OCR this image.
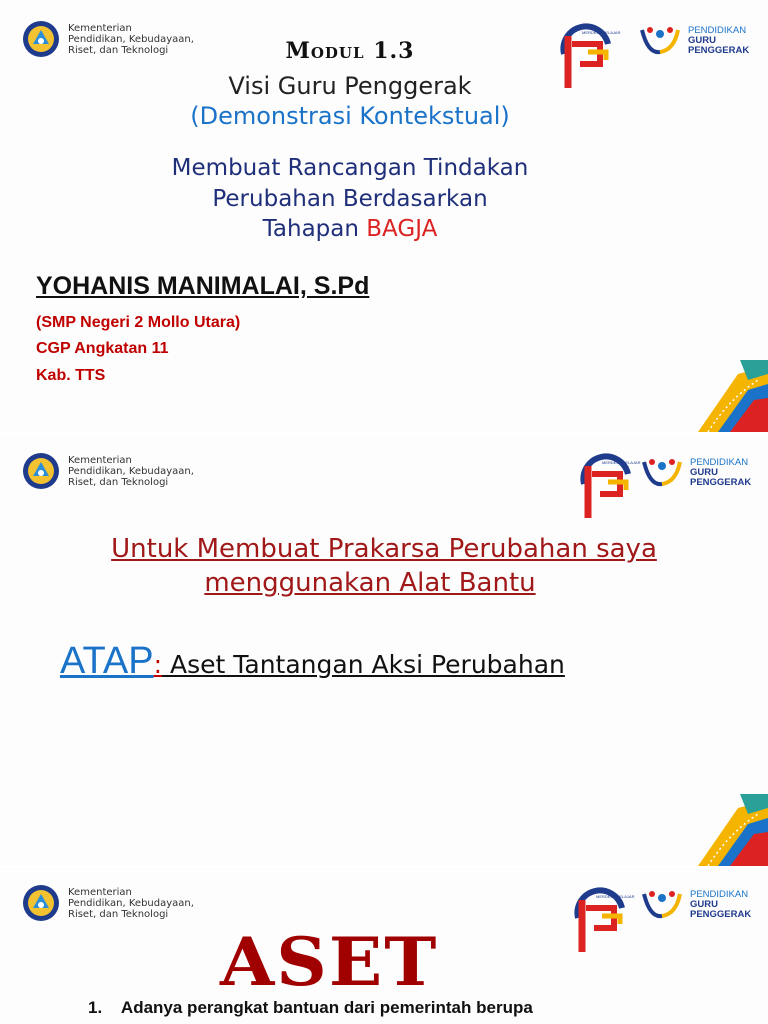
Kementerian
Pendidikan, Kebudayaan,
Riset, dan Teknologi
MERDEKA BELAJAR	PENDIDIKAN
GURU
PENGGERAK
Modul 1.3
Visi Guru Penggerak
(Demonstrasi Kontekstual)
Membuat Rancangan Tindakan
Perubahan Berdasarkan
Tahapan BAGJA
YOHANIS MANIMALAI, S.Pd
(SMP Negeri 2 Mollo Utara)
CGP Angkatan 11
Kab. TTS
Kementerian
Pendidikan, Kebudayaan,
Riset, dan Teknologi
MERDEKA BELAJAR	PENDIDIKAN
GURU
PENGGERAK
Untuk Membuat Prakarsa Perubahan saya
menggunakan Alat Bantu
ATAP: Aset Tantangan Aksi Perubahan
Kementerian
Pendidikan, Kebudayaan,
Riset, dan Teknologi
MERDEKA BELAJAR	PENDIDIKAN
GURU
PENGGERAK
ASET
1. Adanya perangkat bantuan dari pemerintah berupa
